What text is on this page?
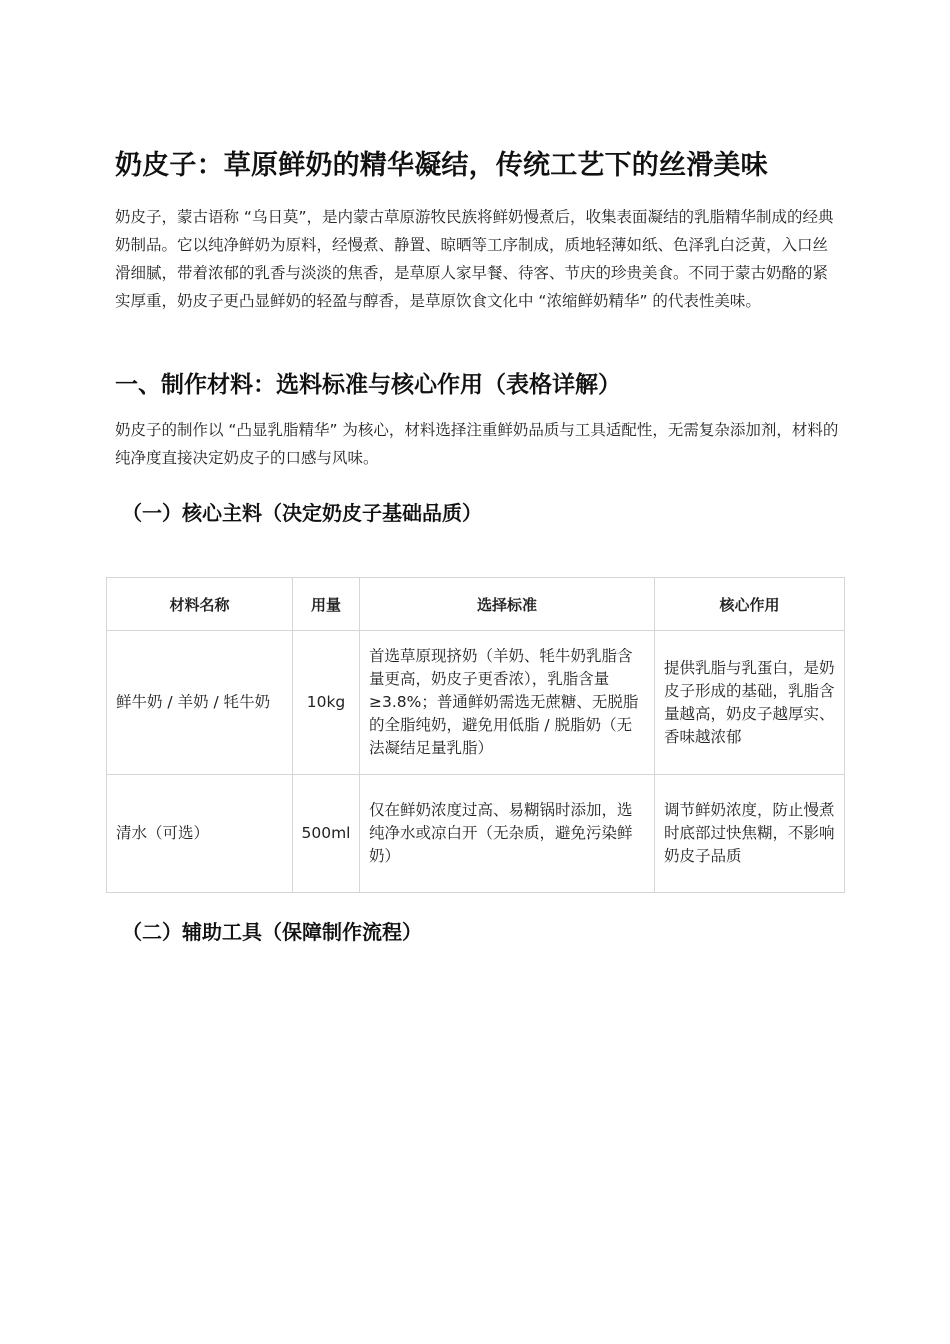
奶皮子：草原鲜奶的精华凝结，传统工艺下的丝滑美味

奶皮子，蒙古语称 “乌日莫”，是内蒙古草原游牧民族将鲜奶慢煮后，收集表面凝结的乳脂精华制成的经典奶制品。它以纯净鲜奶为原料，经慢煮、静置、晾晒等工序制成，质地轻薄如纸、色泽乳白泛黄，入口丝滑细腻，带着浓郁的乳香与淡淡的焦香，是草原人家早餐、待客、节庆的珍贵美食。不同于蒙古奶酪的紧实厚重，奶皮子更凸显鲜奶的轻盈与醇香，是草原饮食文化中 “浓缩鲜奶精华” 的代表性美味。

一、制作材料：选料标准与核心作用（表格详解）

奶皮子的制作以 “凸显乳脂精华” 为核心，材料选择注重鲜奶品质与工具适配性，无需复杂添加剂，材料的纯净度直接决定奶皮子的口感与风味。

（一）核心主料（决定奶皮子基础品质）
材料名称	用量	选择标准	核心作用
鲜牛奶 / 羊奶 / 牦牛奶	10kg	首选草原现挤奶（羊奶、牦牛奶乳脂含量更高，奶皮子更香浓），乳脂含量≥3.8%；普通鲜奶需选无蔗糖、无脱脂的全脂纯奶，避免用低脂 / 脱脂奶（无法凝结足量乳脂）	提供乳脂与乳蛋白，是奶皮子形成的基础，乳脂含量越高，奶皮子越厚实、香味越浓郁
清水（可选）	500ml	仅在鲜奶浓度过高、易糊锅时添加，选纯净水或凉白开（无杂质，避免污染鲜奶）	调节鲜奶浓度，防止慢煮时底部过快焦糊，不影响奶皮子品质
（二）辅助工具（保障制作流程）
